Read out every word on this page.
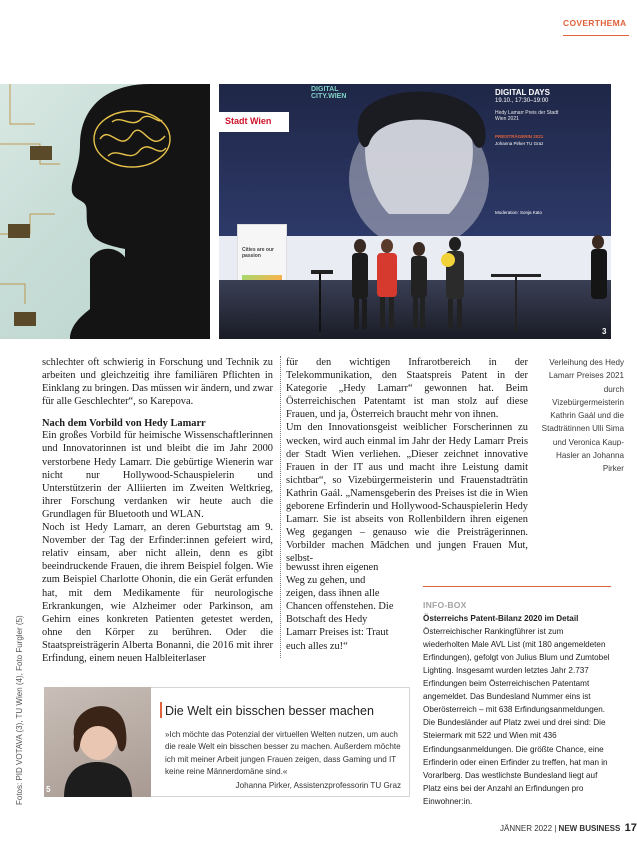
COVERTHEMA
Stadt Wien
DIGITAL CITY.WIEN	DIGITAL DAYS
19.10., 17:30–19:00
Hedy Lamarr Preis der Stadt Wien 2021
PREISTRÄGERIN 2021
Johanna Pirker TU Graz
Moderation: Sonja Kato
Cities are our passion
3
Verleihung des Hedy Lamarr Preises 2021 durch Vizebürgermeisterin Kathrin Gaál und die Stadträtinnen Ulli Sima und Veronica Kaup-Hasler an Johanna Pirker

schlechter oft schwierig in Forschung und Technik zu arbeiten und gleichzeitig ihre familiären Pflichten in Einklang zu bringen. Das müssen wir ändern, und zwar für alle Geschlechter“, so Karepova.

Nach dem Vorbild von Hedy Lamarr

Ein großes Vorbild für heimische Wissenschaftlerinnen und Innovatorinnen ist und bleibt die im Jahr 2000 verstorbene Hedy Lamarr. Die gebürtige Wienerin war nicht nur Hollywood-Schauspielerin und Unterstützerin der Alliierten im Zweiten Weltkrieg, ihrer Forschung verdanken wir heute auch die Grundlagen für Bluetooth und WLAN.

Noch ist Hedy Lamarr, an deren Geburtstag am 9. November der Tag der Erfinder:innen gefeiert wird, relativ einsam, aber nicht allein, denn es gibt beeindruckende Frauen, die ihrem Beispiel folgen. Wie zum Beispiel Charlotte Ohonin, die ein Gerät erfunden hat, mit dem Medikamente für neurologische Erkrankungen, wie Alzheimer oder Parkinson, am Gehirn eines konkreten Patienten getestet werden, ohne den Körper zu berühren. Oder die Staatspreisträgerin Alberta Bonanni, die 2016 mit ihrer Erfindung, einem neuen Halbleiterlaser

für den wichtigen Infrarotbereich in der Telekommunikation, den Staatspreis Patent in der Kategorie „Hedy Lamarr“ gewonnen hat. Beim Österreichischen Patentamt ist man stolz auf diese Frauen, und ja, Österreich braucht mehr von ihnen.

Um den Innovationsgeist weiblicher Forscherinnen zu wecken, wird auch einmal im Jahr der Hedy Lamarr Preis der Stadt Wien verliehen. „Dieser zeichnet innovative Frauen in der IT aus und macht ihre Leistung damit sichtbar“, so Vizebürgermeisterin und Frauenstadträtin Kathrin Gaál. „Namensgeberin des Preises ist die in Wien geborene Erfinderin und Hollywood-Schauspielerin Hedy Lamarr. Sie ist abseits von Rollenbildern ihren eigenen Weg gegangen – genauso wie die Preisträgerinnen. Vorbilder machen Mädchen und jungen Frauen Mut, selbst-

bewusst ihren eigenen Weg zu gehen, und zeigen, dass ihnen alle Chancen offenstehen. Die Botschaft des Hedy Lamarr Preises ist: Traut euch alles zu!“

INFO-BOX

Österreichs Patent-Bilanz 2020 im Detail

Österreichischer Rankingführer ist zum wiederholten Male AVL List (mit 180 angemeldeten Erfindungen), gefolgt von Julius Blum und Zumtobel Lighting. Insgesamt wurden letztes Jahr 2.737 Erfindungen beim Österreichischen Patentamt angemeldet. Das Bundesland Nummer eins ist Oberösterreich – mit 638 Erfindungsanmeldungen. Die Bundesländer auf Platz zwei und drei sind: Die Steiermark mit 522 und Wien mit 436 Erfindungsanmeldungen. Die größte Chance, eine Erfinderin oder einen Erfinder zu treffen, hat man in Vorarlberg. Das westlichste Bundesland liegt auf Platz eins bei der Anzahl an Erfindungen pro Einwohner:in.

5
Die Welt ein bisschen besser machen
»Ich möchte das Potenzial der virtuellen Welten nutzen, um auch die reale Welt ein bisschen besser zu machen. Außerdem möchte ich mit meiner Arbeit jungen Frauen zeigen, dass Gaming und IT keine reine Männerdomäne sind.«
Johanna Pirker, Assistenzprofessorin TU Graz
Fotos: PID VOTAVA (3), TU Wien (4), Foto Furgler (5)
JÄNNER 2022 | NEW BUSINESS 17
